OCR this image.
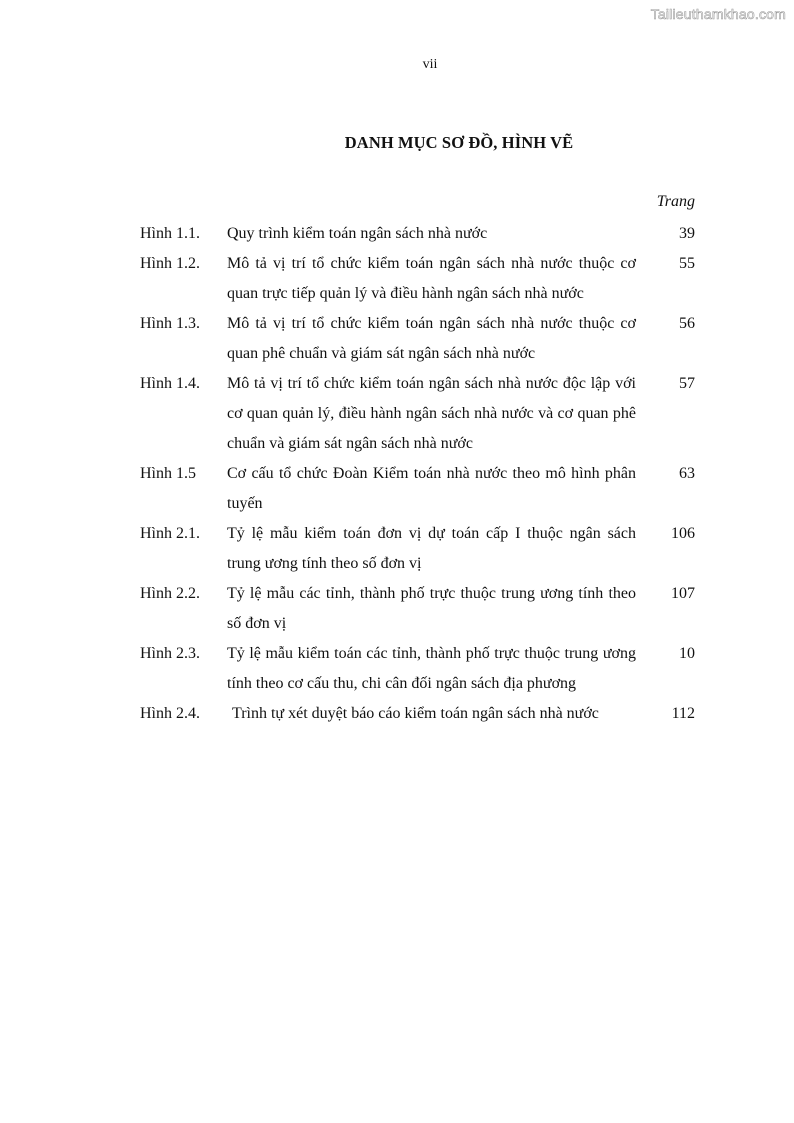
Tailieuthamkhao.com
vii
DANH MỤC SƠ ĐỒ, HÌNH VẼ
Trang
Hình 1.1. Quy trình kiểm toán ngân sách nhà nước	39
Hình 1.2. Mô tả vị trí tổ chức kiểm toán ngân sách nhà nước thuộc cơ quan trực tiếp quản lý và điều hành ngân sách nhà nước
55
Hình 1.3. Mô tả vị trí tổ chức kiểm toán ngân sách nhà nước thuộc cơ quan phê chuẩn và giám sát ngân sách nhà nước
56
Hình 1.4. Mô tả vị trí tổ chức kiểm toán ngân sách nhà nước độc lập với cơ quan quản lý, điều hành ngân sách nhà nước và cơ quan phê chuẩn và giám sát ngân sách nhà nước
57
Hình 1.5 Cơ cấu tổ chức Đoàn Kiểm toán nhà nước theo mô hình phân tuyến
63
Hình 2.1. Tỷ lệ mẫu kiểm toán đơn vị dự toán cấp I thuộc ngân sách trung ương tính theo số đơn vị
106
Hình 2.2. Tỷ lệ mẫu các tỉnh, thành phố trực thuộc trung ương tính theo số đơn vị
107
Hình 2.3. Tỷ lệ mẫu kiểm toán các tỉnh, thành phố trực thuộc trung ương tính theo cơ cấu thu, chi cân đối ngân sách địa phương
10
Hình 2.4. Trình tự xét duyệt báo cáo kiểm toán ngân sách nhà nước	112
